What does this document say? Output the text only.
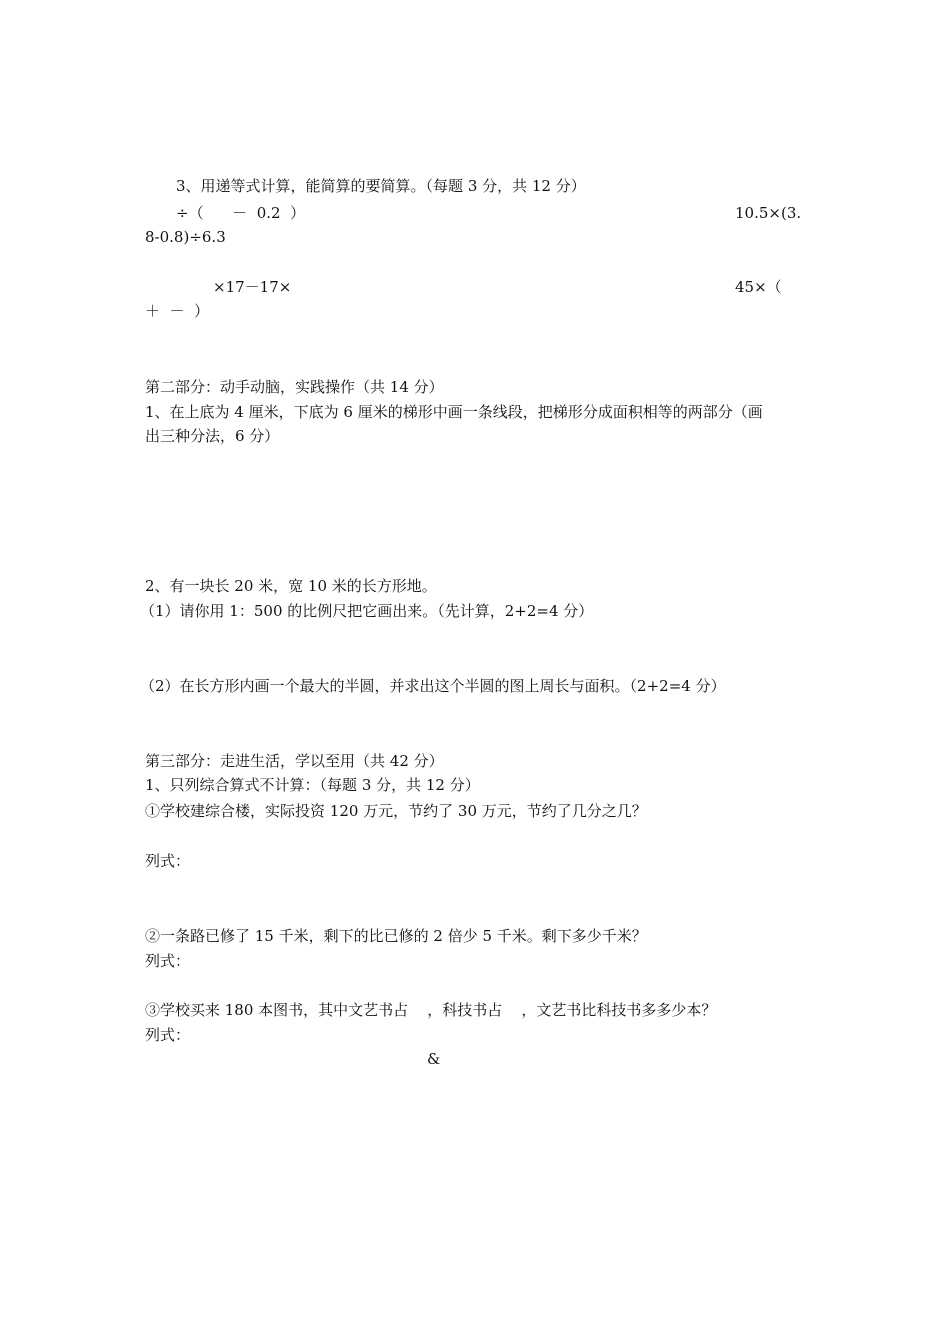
3、用递等式计算，能简算的要简算。（每题 3 分，共 12 分）
÷（      －  0.2  ）	10.5×(3.
8-0.8)÷6.3
×17－17×	45×（
＋  －  ）
第二部分：动手动脑，实践操作（共 14 分）
1、在上底为 4 厘米，下底为 6 厘米的梯形中画一条线段，把梯形分成面积相等的两部分（画
出三种分法，6 分）
2、有一块长 20 米，宽 10 米的长方形地。
（1）请你用 1：500 的比例尺把它画出来。（先计算，2+2=4 分）
（2）在长方形内画一个最大的半圆，并求出这个半圆的图上周长与面积。（2+2=4 分）
第三部分：走进生活，学以至用（共 42 分）
1、只列综合算式不计算：（每题 3 分，共 12 分）
①学校建综合楼，实际投资 120 万元，节约了 30 万元，节约了几分之几？
列式：
②一条路已修了 15 千米，剩下的比已修的 2 倍少 5 千米。剩下多少千米？
列式：
③学校买来 180 本图书，其中文艺书占    ，科技书占    ，文艺书比科技书多多少本？
列式：
&
